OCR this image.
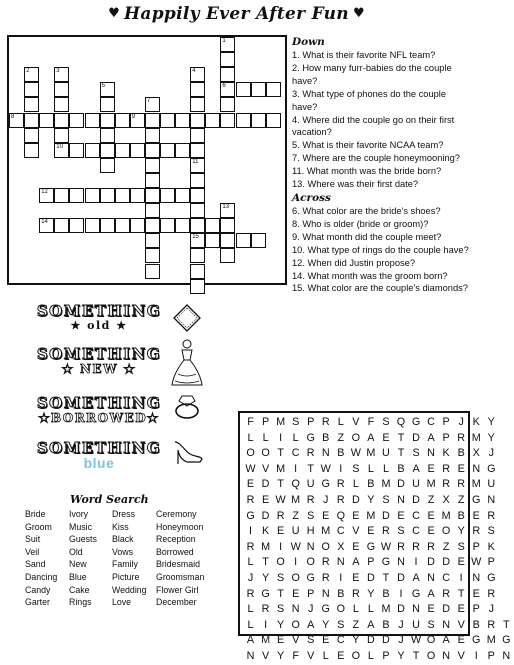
♥ Happily Ever After Fun ♥
1
6
2	3
10
4
11
5
7
8	9
15
12
13
14
Down
1. What is their favorite NFL team?
2. How many furr-babies do the couple have?
3. What type of phones do the couple have?
4. Where did the couple go on their first vacation?
5. What is their favorite NCAA team?
7. Where are the couple honeymooning?
11. What month was the bride born?
13. Where was their first date?
Across
6. What color are the bride's shoes?
8. Who is older (bride or groom)?
9. What month did the couple meet?
10. What type of rings do the couple have?
12. When did Justin propose?
14. What month was the groom born?
15. What color are the couple's diamonds?
SOMETHING
★ old ★
SOMETHING
★ NEW ★
SOMETHING
★BORROWED★
SOMETHING
blue
Word Search
Bride	Ivory	Dress	Ceremony
Groom	Music	Kiss	Honeymoon
Suit	Guests	Black	Reception
Veil	Old	Vows	Borrowed
Sand	New	Family	Bridesmaid
Dancing	Blue	Picture	Groomsman
Candy	Cake	Wedding	Flower Girl
Garter	Rings	Love	December
F P M S P R L V F S Q G C P J K Y
L L I L G B Z O A E T D A P R M Y
O O T C R N B W M U T S N K B X J
W V M I T W I S L L B A E R E N G
E D T Q U G R L B M D U M R R M U
R E W M R J R D Y S N D Z X Z G N
G D R Z S E Q E M D E C E M B E R
I K E U H M C V E R S C E O Y R S
R M I W N O X E G W R R R Z S P K
L T O I O R N A P G N I D D E W P
J Y S O G R I E D T D A N C I N G
R G T E P N B R Y B I G A R T E R
L R S N J G O L L M D N E D E P J
L I Y O A Y S Z A B J U S N V B R T
A M E V S E C Y D D J W O A E G M G
N V Y F V L E O L P Y T O N V I P N
